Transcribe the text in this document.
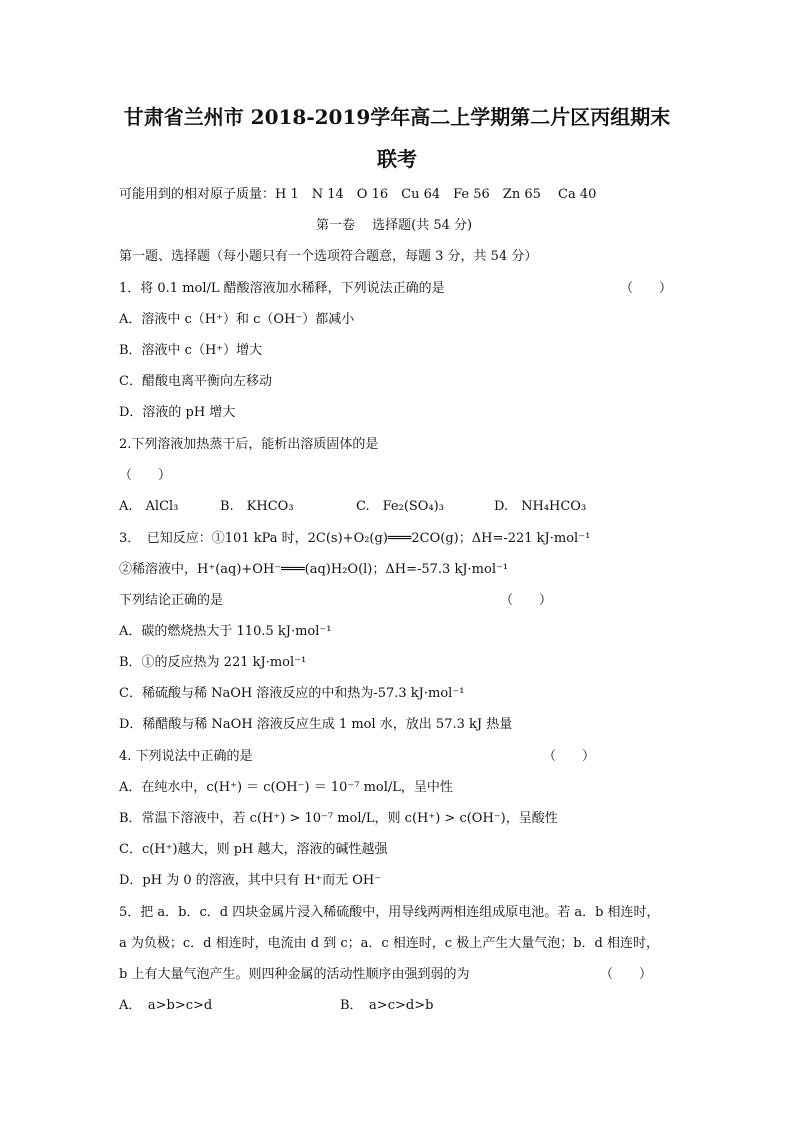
甘肃省兰州市 2018-2019学年高二上学期第二片区丙组期末
联考
可能用到的相对原子质量：H 1　N 14　O 16　Cu 64　Fe 56　Zn 65　 Ca 40
第一卷　 选择题(共 54 分)
第一题、选择题（每小题只有一个选项符合题意，每题 3 分，共 54 分）
1．将 0.1 mol/L 醋酸溶液加水稀释，下列说法正确的是	（　　）
A．溶液中 c（H⁺）和 c（OH⁻）都减小
B．溶液中 c（H⁺）增大
C．醋酸电离平衡向左移动
D．溶液的 pH 增大
2.下列溶液加热蒸干后，能析出溶质固体的是
（　　）
A.　AlCl₃	B.　KHCO₃	C.　Fe₂(SO₄)₃	D.　NH₄HCO₃
3．　已知反应：①101 kPa 时，2C(s)+O₂(g)═══2CO(g)；ΔH=-221 kJ·mol⁻¹
②稀溶液中，H⁺(aq)+OH⁻═══(aq)H₂O(l)；ΔH=-57.3 kJ·mol⁻¹
下列结论正确的是	（　　）
A．碳的燃烧热大于 110.5 kJ·mol⁻¹
B．①的反应热为 221 kJ·mol⁻¹
C．稀硫酸与稀 NaOH 溶液反应的中和热为-57.3 kJ·mol⁻¹
D．稀醋酸与稀 NaOH 溶液反应生成 1 mol 水，放出 57.3 kJ 热量
4. 下列说法中正确的是	（　　）
A．在纯水中，c(H⁺) ＝ c(OH⁻) ＝ 10⁻⁷ mol/L，呈中性
B．常温下溶液中，若 c(H⁺) > 10⁻⁷ mol/L，则 c(H⁺) > c(OH⁻)，呈酸性
C．c(H⁺)越大，则 pH 越大，溶液的碱性越强
D．pH 为 0 的溶液，其中只有 H⁺而无 OH⁻
5．把 a．b．c．d 四块金属片浸入稀硫酸中，用导线两两相连组成原电池。若 a．b 相连时，
a 为负极；c．d 相连时，电流由 d 到 c；a．c 相连时，c 极上产生大量气泡；b．d 相连时，
b 上有大量气泡产生。则四种金属的活动性顺序由强到弱的为	（　　）
A．　a>b>c>d	B．　a>c>d>b
